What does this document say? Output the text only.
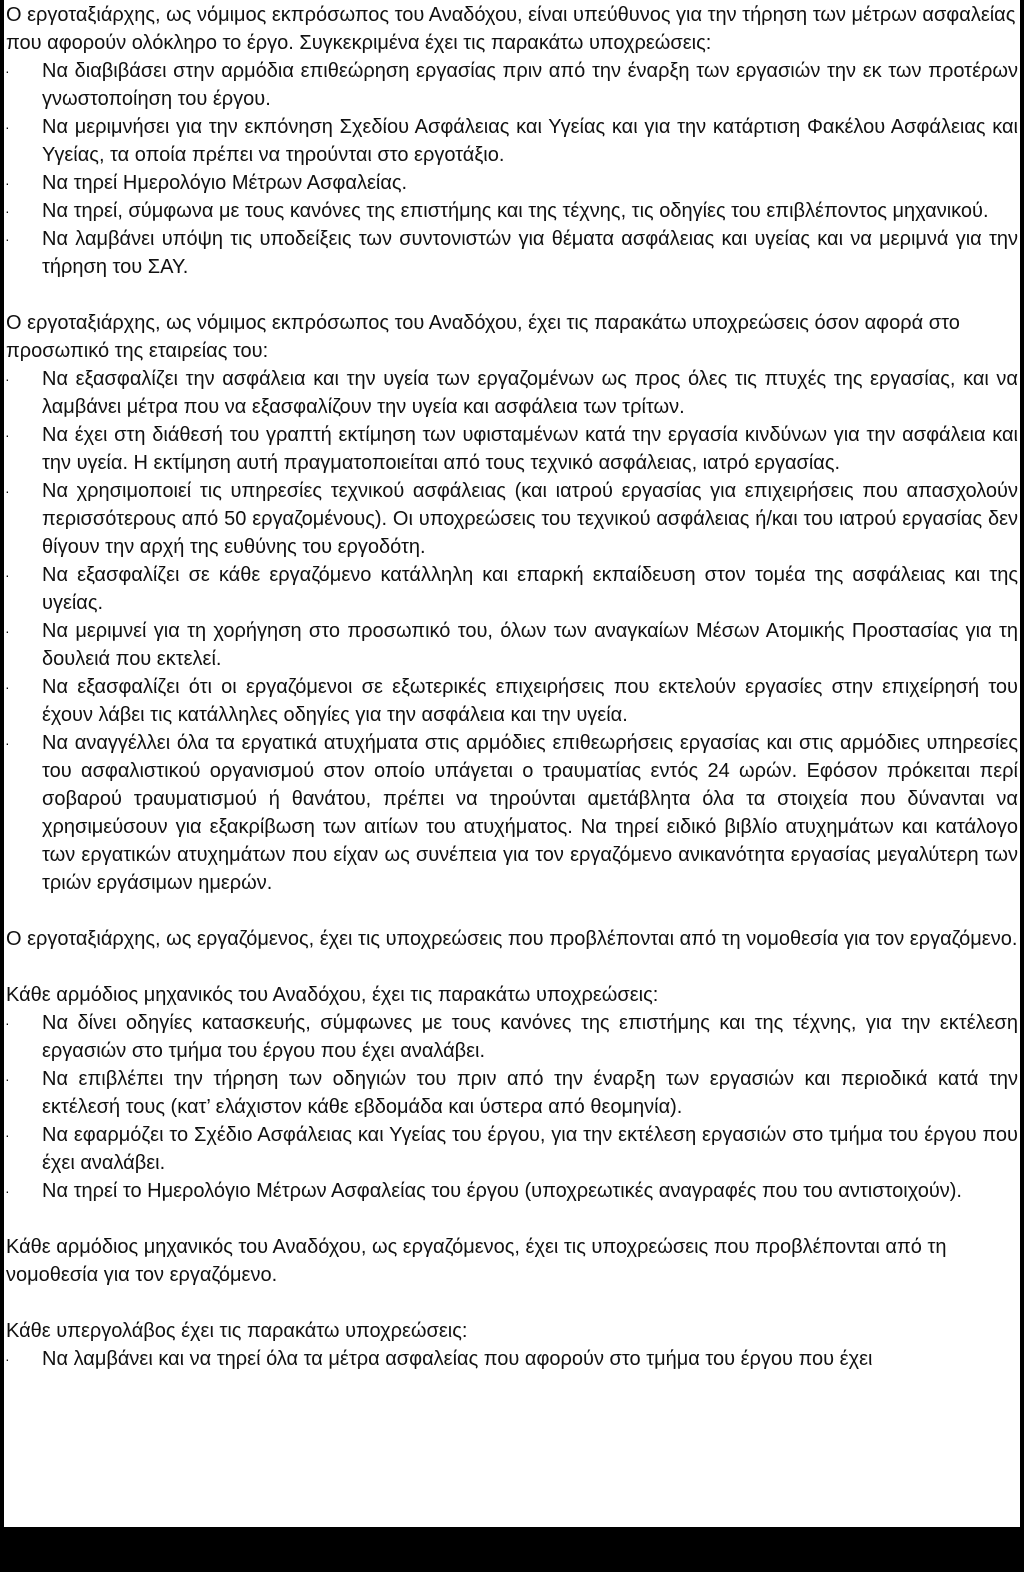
Ο εργοταξιάρχης, ως νόμιμος εκπρόσωπος του Αναδόχου, είναι υπεύθυνος για την τήρηση των μέτρων ασφαλείας που αφορούν ολόκληρο το έργο. Συγκεκριμένα έχει τις παρακάτω υποχρεώσεις:

· Να διαβιβάσει στην αρμόδια επιθεώρηση εργασίας πριν από την έναρξη των εργασιών την εκ των προτέρων γνωστοποίηση του έργου.
· Να μεριμνήσει για την εκπόνηση Σχεδίου Ασφάλειας και Υγείας και για την κατάρτιση Φακέλου Ασφάλειας και Υγείας, τα οποία πρέπει να τηρούνται στο εργοτάξιο.
· Να τηρεί Ημερολόγιο Μέτρων Ασφαλείας.
· Να τηρεί, σύμφωνα με τους κανόνες της επιστήμης και της τέχνης, τις οδηγίες του επιβλέποντος μηχανικού.
· Να λαμβάνει υπόψη τις υποδείξεις των συντονιστών για θέματα ασφάλειας και υγείας και να μεριμνά για την τήρηση του ΣΑΥ.

Ο εργοταξιάρχης, ως νόμιμος εκπρόσωπος του Αναδόχου, έχει τις παρακάτω υποχρεώσεις όσον αφορά στο προσωπικό της εταιρείας του:

· Να εξασφαλίζει την ασφάλεια και την υγεία των εργαζομένων ως προς όλες τις πτυχές της εργασίας, και να λαμβάνει μέτρα που να εξασφαλίζουν την υγεία και ασφάλεια των τρίτων.
· Να έχει στη διάθεσή του γραπτή εκτίμηση των υφισταμένων κατά την εργασία κινδύνων για την ασφάλεια και την υγεία. Η εκτίμηση αυτή πραγματοποιείται από τους τεχνικό ασφάλειας, ιατρό εργασίας.
· Να χρησιμοποιεί τις υπηρεσίες τεχνικού ασφάλειας (και ιατρού εργασίας για επιχειρήσεις που απασχολούν περισσότερους από 50 εργαζομένους). Οι υποχρεώσεις του τεχνικού ασφάλειας ή/και του ιατρού εργασίας δεν θίγουν την αρχή της ευθύνης του εργοδότη.
· Να εξασφαλίζει σε κάθε εργαζόμενο κατάλληλη και επαρκή εκπαίδευση στον τομέα της ασφάλειας και της υγείας.
· Να μεριμνεί για τη χορήγηση στο προσωπικό του, όλων των αναγκαίων Μέσων Ατομικής Προστασίας για τη δουλειά που εκτελεί.
· Να εξασφαλίζει ότι οι εργαζόμενοι σε εξωτερικές επιχειρήσεις που εκτελούν εργασίες στην επιχείρησή του έχουν λάβει τις κατάλληλες οδηγίες για την ασφάλεια και την υγεία.
· Να αναγγέλλει όλα τα εργατικά ατυχήματα στις αρμόδιες επιθεωρήσεις εργασίας και στις αρμόδιες υπηρεσίες του ασφαλιστικού οργανισμού στον οποίο υπάγεται ο τραυματίας εντός 24 ωρών. Εφόσον πρόκειται περί σοβαρού τραυματισμού ή θανάτου, πρέπει να τηρούνται αμετάβλητα όλα τα στοιχεία που δύνανται να χρησιμεύσουν για εξακρίβωση των αιτίων του ατυχήματος. Να τηρεί ειδικό βιβλίο ατυχημάτων και κατάλογο των εργατικών ατυχημάτων που είχαν ως συνέπεια για τον εργαζόμενο ανικανότητα εργασίας μεγαλύτερη των τριών εργάσιμων ημερών.

Ο εργοταξιάρχης, ως εργαζόμενος, έχει τις υποχρεώσεις που προβλέπονται από τη νομοθεσία για τον εργαζόμενο.

Κάθε αρμόδιος μηχανικός του Αναδόχου, έχει τις παρακάτω υποχρεώσεις:

· Να δίνει οδηγίες κατασκευής, σύμφωνες με τους κανόνες της επιστήμης και της τέχνης, για την εκτέλεση εργασιών στο τμήμα του έργου που έχει αναλάβει.
· Να επιβλέπει την τήρηση των οδηγιών του πριν από την έναρξη των εργασιών και περιοδικά κατά την εκτέλεσή τους (κατ’ ελάχιστον κάθε εβδομάδα και ύστερα από θεομηνία).
· Να εφαρμόζει το Σχέδιο Ασφάλειας και Υγείας του έργου, για την εκτέλεση εργασιών στο τμήμα του έργου που έχει αναλάβει.
· Να τηρεί το Ημερολόγιο Μέτρων Ασφαλείας του έργου (υποχρεωτικές αναγραφές που του αντιστοιχούν).

Κάθε αρμόδιος μηχανικός του Αναδόχου, ως εργαζόμενος, έχει τις υποχρεώσεις που προβλέπονται από τη νομοθεσία για τον εργαζόμενο.

Κάθε υπεργολάβος έχει τις παρακάτω υποχρεώσεις:

· Να λαμβάνει και να τηρεί όλα τα μέτρα ασφαλείας που αφορούν στο τμήμα του έργου που έχει
